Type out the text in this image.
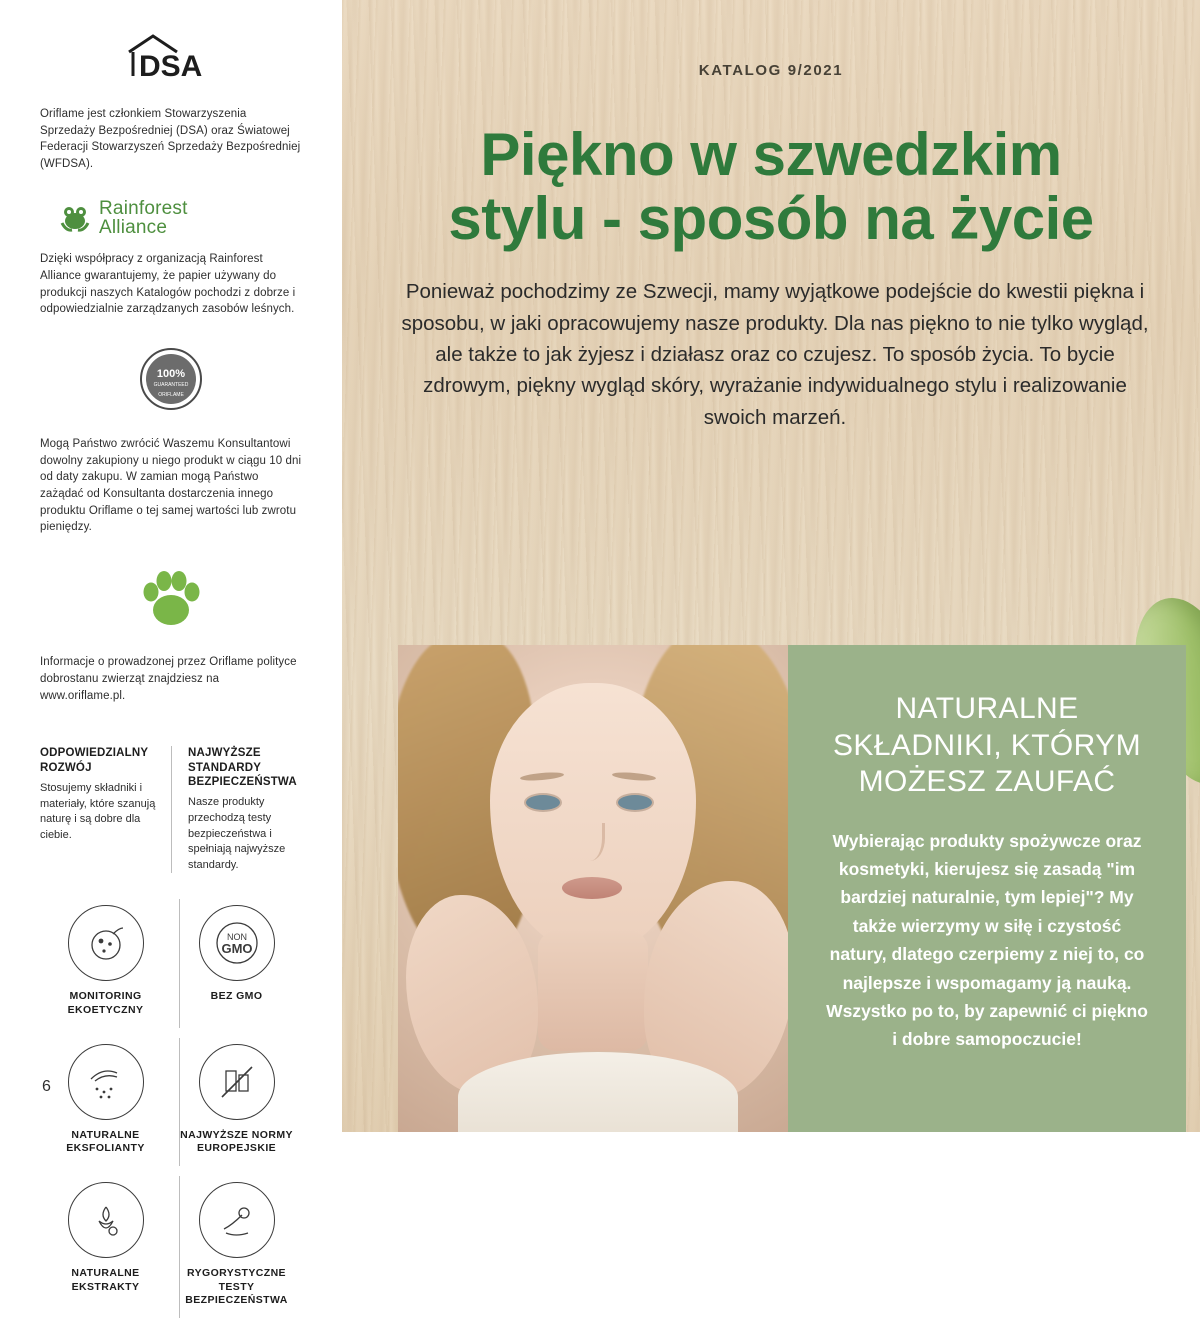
DSA
Oriflame jest członkiem Stowarzyszenia Sprzedaży Bezpośredniej (DSA) oraz Światowej Federacji Stowarzyszeń Sprzedaży Bezpośredniej (WFDSA).
Rainforest
Alliance
Dzięki współpracy z organizacją Rainforest Alliance gwarantujemy, że papier używany do produkcji naszych Katalogów pochodzi z dobrze i odpowiedzialnie zarządzanych zasobów leśnych.
100%
GUARANTEED
ORIFLAME
Mogą Państwo zwrócić Waszemu Konsultantowi dowolny zakupiony u niego produkt w ciągu 10 dni od daty zakupu. W zamian mogą Państwo zażądać od Konsultanta dostarczenia innego produktu Oriflame o tej samej wartości lub zwrotu pieniędzy.
Informacje o prowadzonej przez Oriflame polityce dobrostanu zwierząt znajdziesz na www.oriflame.pl.
ODPOWIEDZIALNY ROZWÓJ
Stosujemy składniki i materiały, które szanują naturę i są dobre dla ciebie.
NAJWYŻSZE STANDARDY BEZPIECZEŃSTWA
Nasze produkty przechodzą testy bezpieczeństwa i spełniają najwyższe standardy.
MONITORING EKOETYCZNY
NON
GMO
BEZ GMO
NATURALNE EKSFOLIANTY
NAJWYŻSZE NORMY EUROPEJSKIE
NATURALNE EKSTRAKTY
RYGORYSTYCZNE TESTY BEZPIECZEŃSTWA
6
KATALOG 9/2021
Piękno w szwedzkim
stylu - sposób na życie
Ponieważ pochodzimy ze Szwecji, mamy wyjątkowe podejście do kwestii piękna i sposobu, w jaki opracowujemy nasze produkty. Dla nas piękno to nie tylko wygląd, ale także to jak żyjesz i działasz oraz co czujesz. To sposób życia. To bycie zdrowym, piękny wygląd skóry, wyrażanie indywidualnego stylu i realizowanie swoich marzeń.
NATURALNE SKŁADNIKI, KTÓRYM MOŻESZ ZAUFAĆ
Wybierając produkty spożywcze oraz kosmetyki, kierujesz się zasadą "im bardziej naturalnie, tym lepiej"? My także wierzymy w siłę i czystość natury, dlatego czerpiemy z niej to, co najlepsze i wspomagamy ją nauką. Wszystko po to, by zapewnić ci piękno i dobre samopoczucie!
